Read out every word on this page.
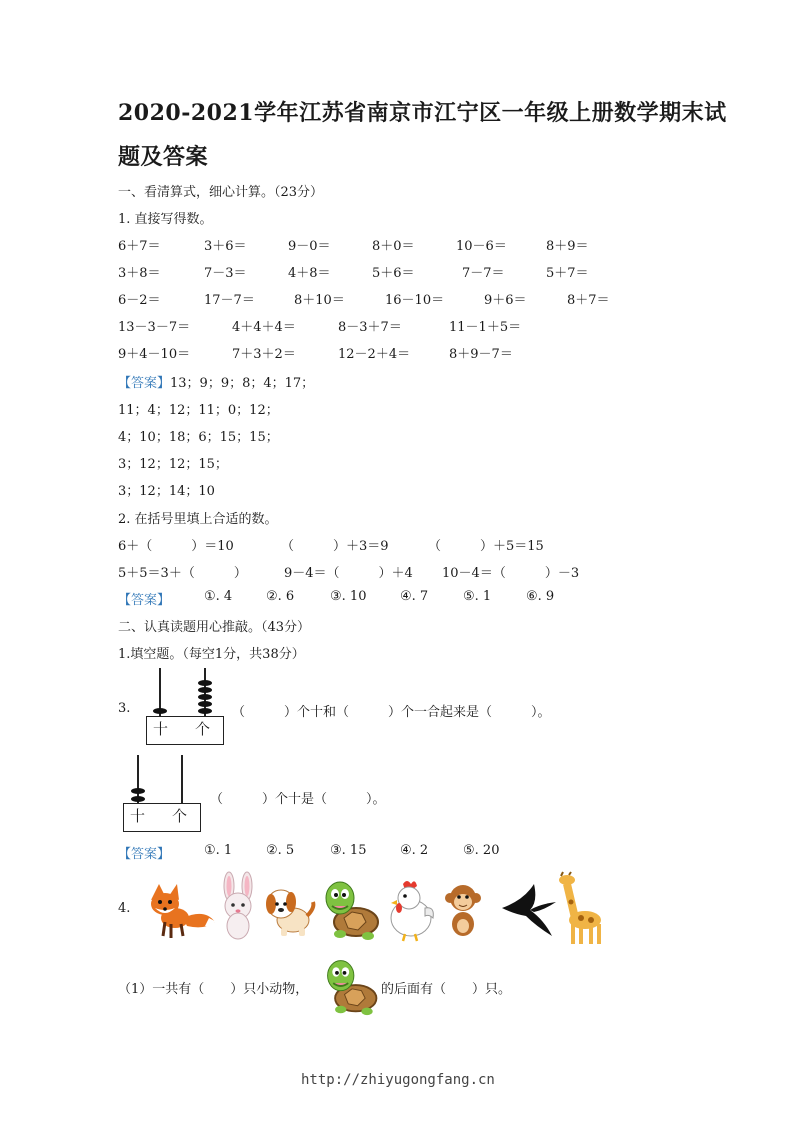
2020-2021学年江苏省南京市江宁区一年级上册数学期末试
题及答案
一、看清算式，细心计算。（23分）
1. 直接写得数。
6＋7＝	3＋6＝	9－0＝	8＋0＝	10－6＝	8＋9＝
3＋8＝	7－3＝	4＋8＝	5＋6＝	7－7＝	5＋7＝
6－2＝	17－7＝	8＋10＝	16－10＝	9＋6＝	8＋7＝
13－3－7＝	4＋4＋4＝	8－3＋7＝	11－1＋5＝
9＋4－10＝	7＋3＋2＝	12－2＋4＝	8＋9－7＝
【答案】13；9；9；8；4；17；
11；4；12；11；0；12；
4；10；18；6；15；15；
3；12；12；15；
3；12；14；10
2. 在括号里填上合适的数。
6＋（　　　）＝10	（　　　）＋3＝9	（　　　）＋5＝15
5＋5＝3＋（　　　）	9－4＝（　　　）＋4 10－4＝（　　　）－3
【答案】	①. 4	②. 6	③. 10	④. 7	⑤. 1	⑥. 9
二、认真读题用心推敲。（43分）
1.填空题。（每空1分，共38分）
3.
十 个
（　　　）个十和（　　　）个一合起来是（　　　）。
十 个
（　　　）个十是（　　　）。
【答案】	①. 1	②. 5	③. 15	④. 2	⑤. 20
4.
（1）一共有（　　）只小动物，	的后面有（　　）只。
http://zhiyugongfang.cn
